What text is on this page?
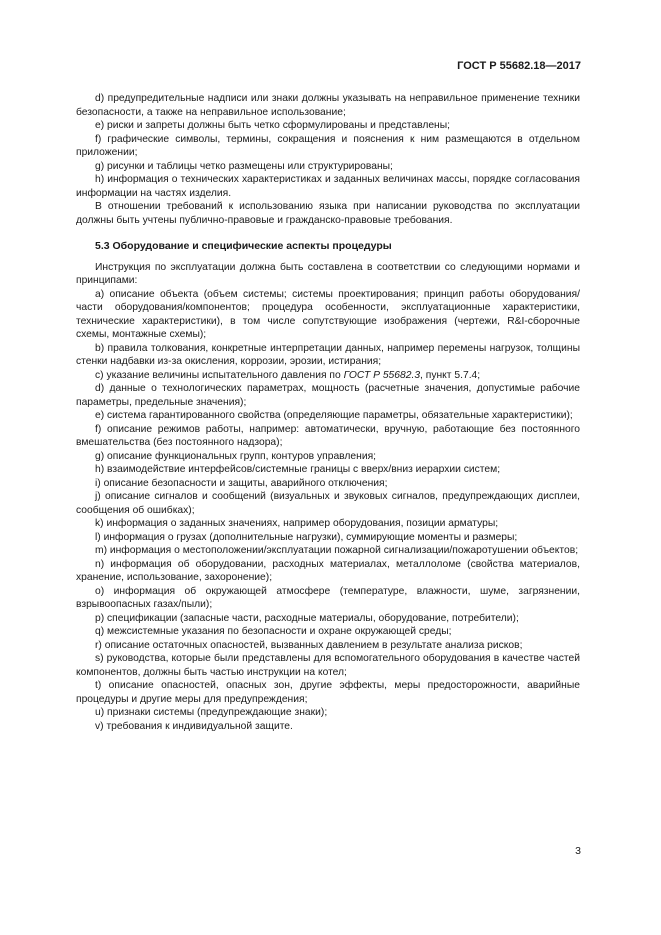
ГОСТ Р 55682.18—2017

d) предупредительные надписи или знаки должны указывать на неправильное применение техники безопасности, а также на неправильное использование;

e) риски и запреты должны быть четко сформулированы и представлены;

f) графические символы, термины, сокращения и пояснения к ним размещаются в отдельном приложении;

g) рисунки и таблицы четко размещены или структурированы;

h) информация о технических характеристиках и заданных величинах массы, порядке согласования информации на частях изделия.

В отношении требований к использованию языка при написании руководства по эксплуатации должны быть учтены публично-правовые и гражданско-правовые требования.

5.3 Оборудование и специфические аспекты процедуры

Инструкция по эксплуатации должна быть составлена в соответствии со следующими нормами и принципами:

a) описание объекта (объем системы; системы проектирования; принцип работы оборудования/части оборудования/компонентов; процедура особенности, эксплуатационные характеристики, технические характеристики), в том числе сопутствующие изображения (чертежи, R&I-сборочные схемы, монтажные схемы);

b) правила толкования, конкретные интерпретации данных, например перемены нагрузок, толщины стенки надбавки из-за окисления, коррозии, эрозии, истирания;

c) указание величины испытательного давления по ГОСТ Р 55682.3, пункт 5.7.4;

d) данные о технологических параметрах, мощность (расчетные значения, допустимые рабочие параметры, предельные значения);

e) система гарантированного свойства (определяющие параметры, обязательные характеристики);

f) описание режимов работы, например: автоматически, вручную, работающие без постоянного вмешательства (без постоянного надзора);

g) описание функциональных групп, контуров управления;

h) взаимодействие интерфейсов/системные границы с вверх/вниз иерархии систем;

i) описание безопасности и защиты, аварийного отключения;

j) описание сигналов и сообщений (визуальных и звуковых сигналов, предупреждающих дисплеи, сообщения об ошибках);

k) информация о заданных значениях, например оборудования, позиции арматуры;

l) информация о грузах (дополнительные нагрузки), суммирующие моменты и размеры;

m) информация о местоположении/эксплуатации пожарной сигнализации/пожаротушении объектов;

n) информация об оборудовании, расходных материалах, металлоломе (свойства материалов, хранение, использование, захоронение);

o) информация об окружающей атмосфере (температуре, влажности, шуме, загрязнении, взрывоопасных газах/пыли);

p) спецификации (запасные части, расходные материалы, оборудование, потребители);

q) межсистемные указания по безопасности и охране окружающей среды;

r) описание остаточных опасностей, вызванных давлением в результате анализа рисков;

s) руководства, которые были представлены для вспомогательного оборудования в качестве частей компонентов, должны быть частью инструкции на котел;

t) описание опасностей, опасных зон, другие эффекты, меры предосторожности, аварийные процедуры и другие меры для предупреждения;

u) признаки системы (предупреждающие знаки);

v) требования к индивидуальной защите.

3
